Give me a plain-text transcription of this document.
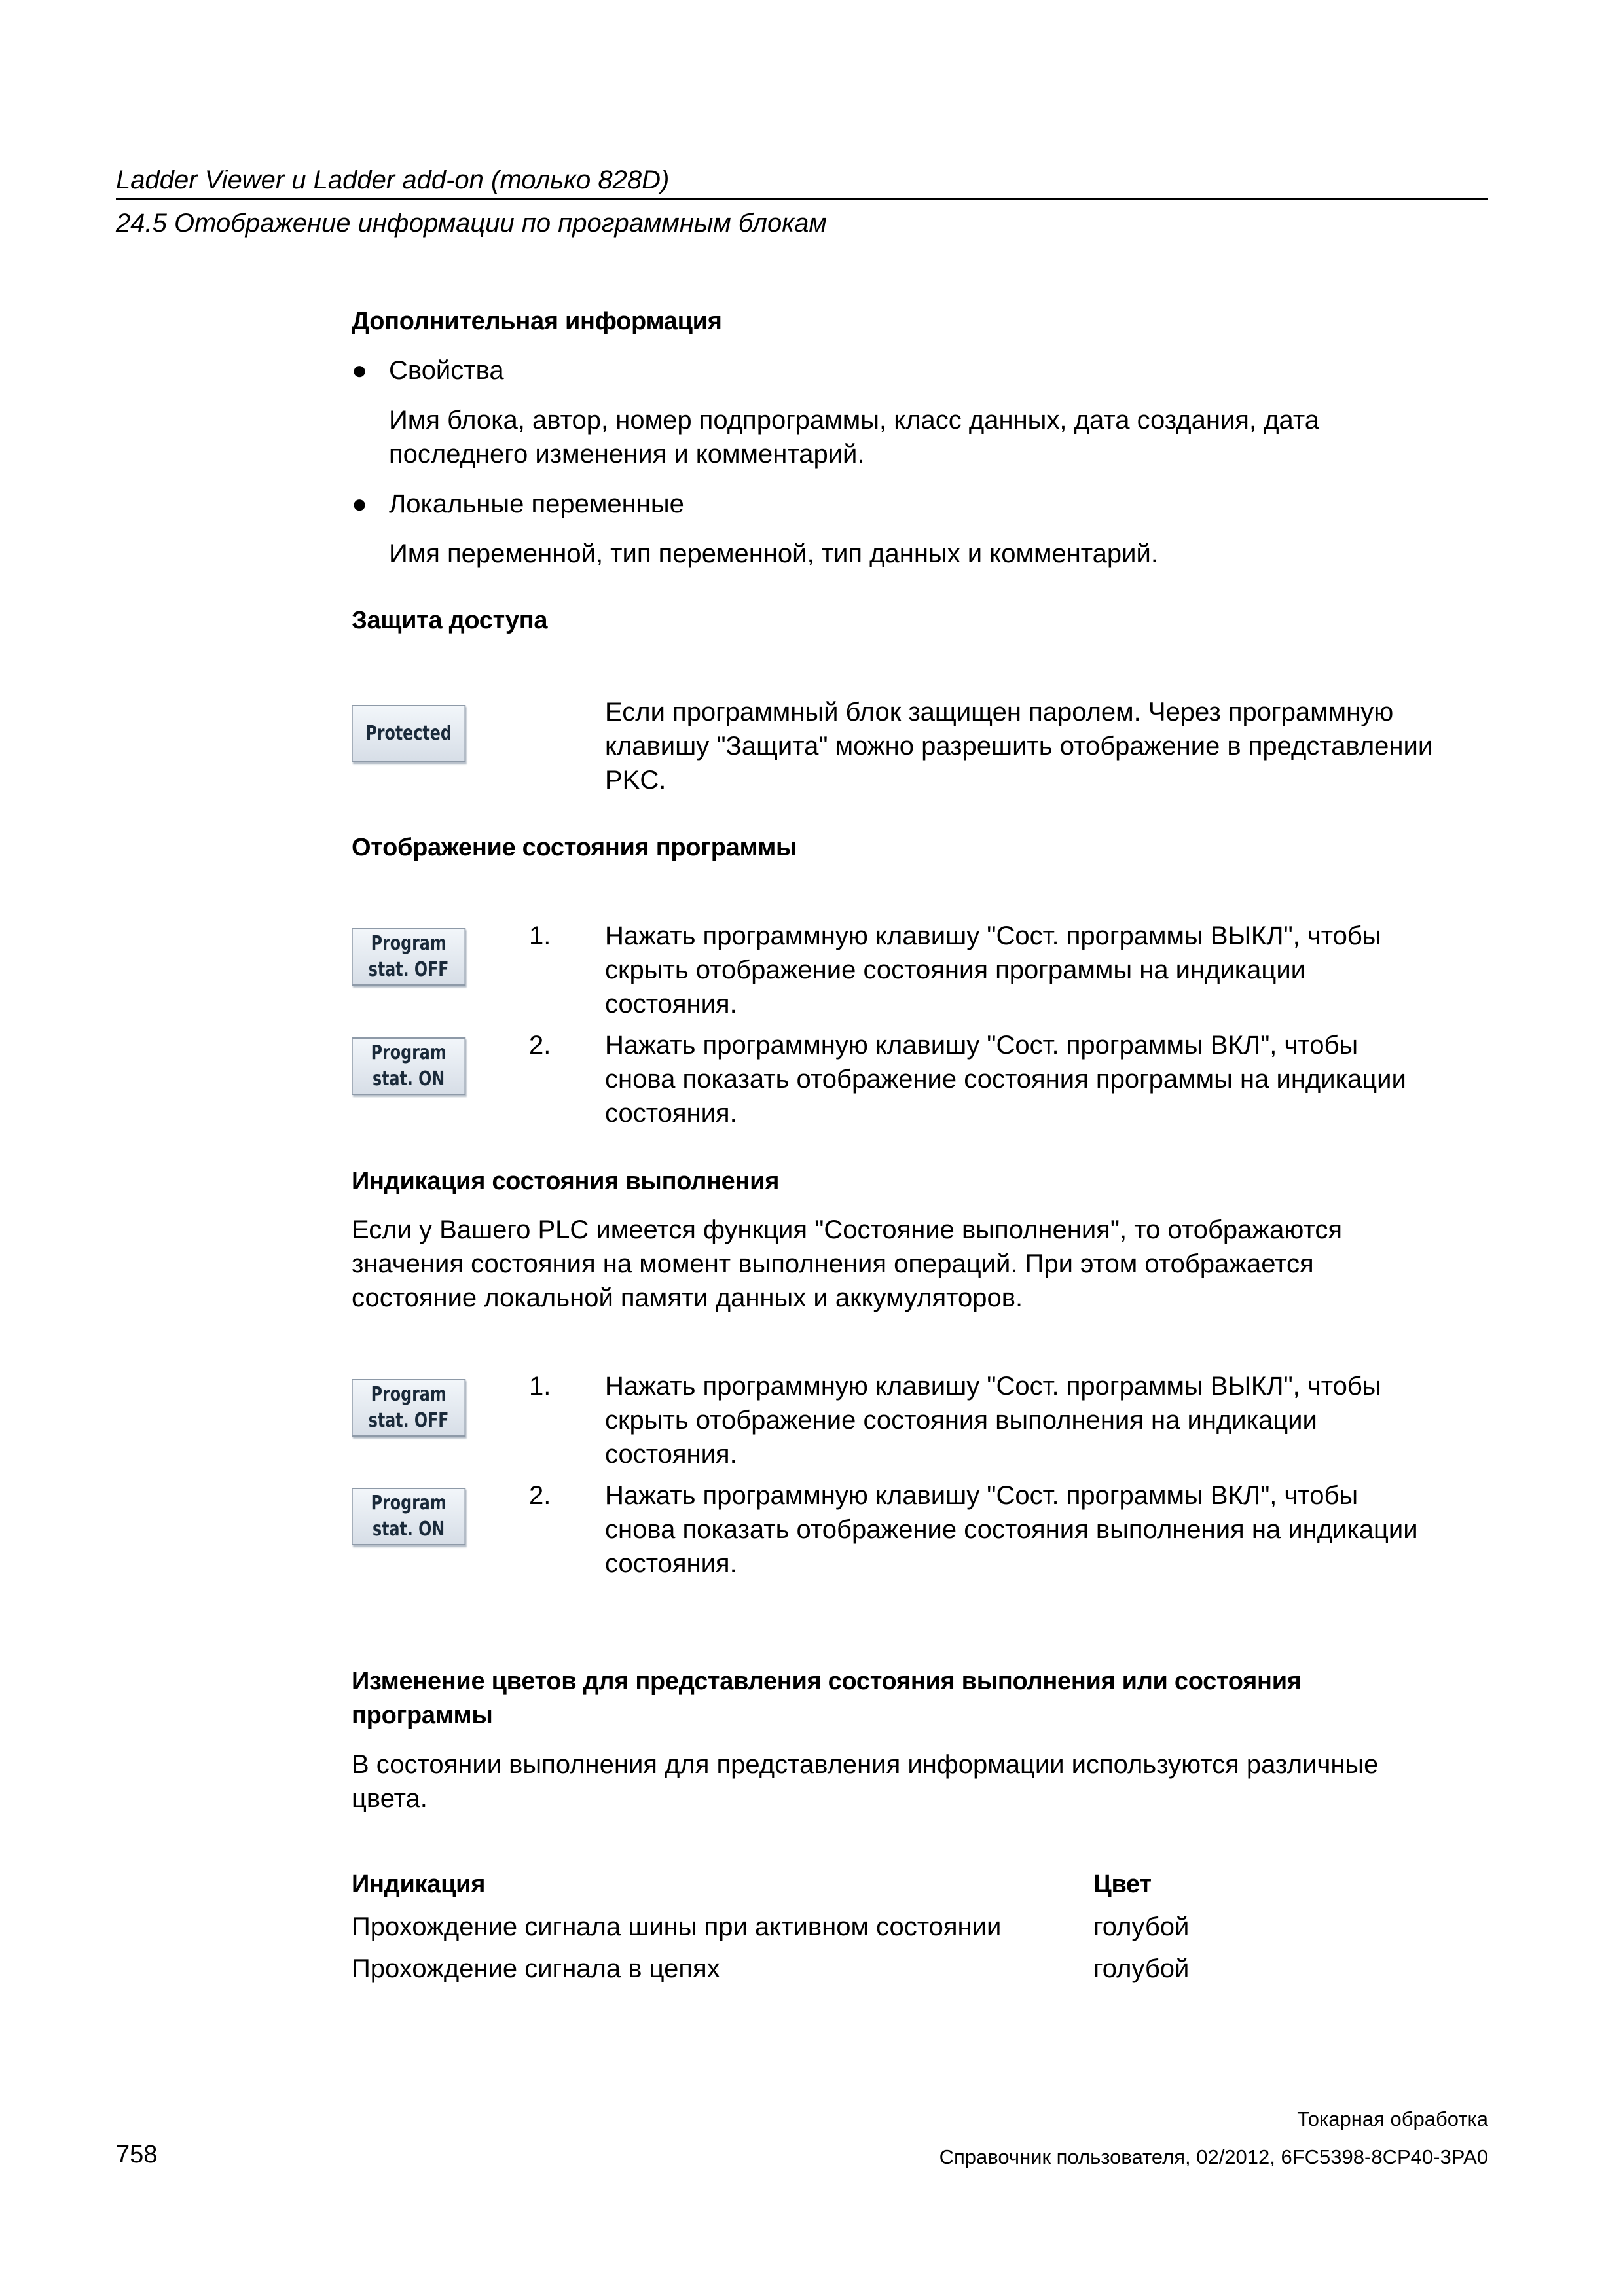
Ladder Viewer и Ladder add-on (только 828D)
24.5 Отображение информации по программным блокам
Дополнительная информация
● Свойства
Имя блока, автор, номер подпрограммы, класс данных, дата создания, дата
последнего изменения и комментарий.
● Локальные переменные
Имя переменной, тип переменной, тип данных и комментарий.
Защита доступа
Protected
Если программный блок защищен паролем. Через программную
клавишу "Защита" можно разрешить отображение в представлении
PKC.
Отображение состояния программы
Program
stat. OFF
Program
stat. ON
1. Нажать программную клавишу "Сост. программы ВЫКЛ", чтобы
скрыть отображение состояния программы на индикации
состояния.
2. Нажать программную клавишу "Сост. программы ВКЛ", чтобы
снова показать отображение состояния программы на индикации
состояния.
Индикация состояния выполнения
Если у Вашего PLC имеется функция "Состояние выполнения", то отображаются
значения состояния на момент выполнения операций. При этом отображается
состояние локальной памяти данных и аккумуляторов.
Program
stat. OFF
Program
stat. ON
1. Нажать программную клавишу "Сост. программы ВЫКЛ", чтобы
скрыть отображение состояния выполнения на индикации
состояния.
2. Нажать программную клавишу "Сост. программы ВКЛ", чтобы
снова показать отображение состояния выполнения на индикации
состояния.
Изменение цветов для представления состояния выполнения или состояния
программы
В состоянии выполнения для представления информации используются различные
цвета.
Индикация	Цвет
Прохождение сигнала шины при активном состоянии	голубой
Прохождение сигнала в цепях	голубой
Токарная обработка
758	Справочник пользователя, 02/2012, 6FC5398-8CP40-3PA0
